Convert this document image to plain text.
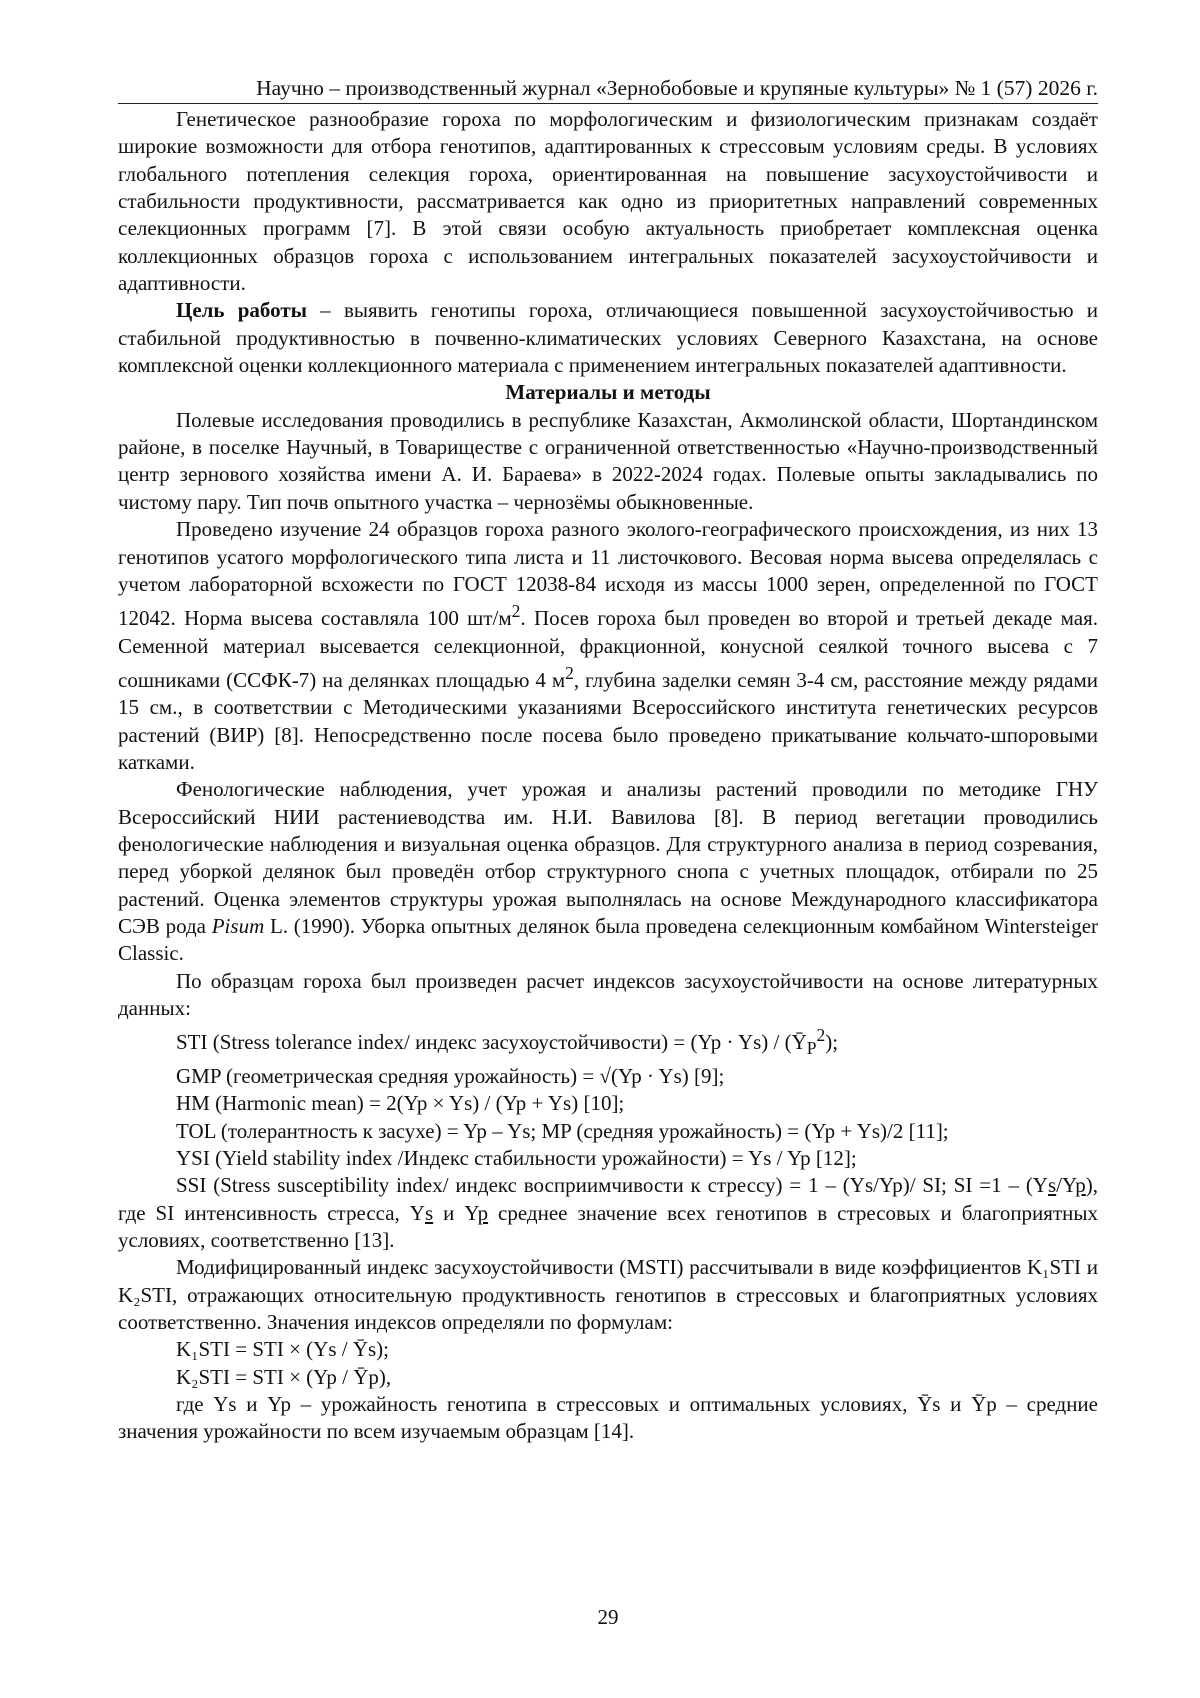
Научно – производственный журнал «Зернобобовые и крупяные культуры» № 1 (57) 2026 г.

Генетическое разнообразие гороха по морфологическим и физиологическим признакам создаёт широкие возможности для отбора генотипов, адаптированных к стрессовым условиям среды. В условиях глобального потепления селекция гороха, ориентированная на повышение засухоустойчивости и стабильности продуктивности, рассматривается как одно из приоритетных направлений современных селекционных программ [7]. В этой связи особую актуальность приобретает комплексная оценка коллекционных образцов гороха с использованием интегральных показателей засухоустойчивости и адаптивности.

Цель работы – выявить генотипы гороха, отличающиеся повышенной засухоустойчивостью и стабильной продуктивностью в почвенно-климатических условиях Северного Казахстана, на основе комплексной оценки коллекционного материала с применением интегральных показателей адаптивности.

Материалы и методы

Полевые исследования проводились в республике Казахстан, Акмолинской области, Шортандинском районе, в поселке Научный, в Товариществе с ограниченной ответственностью «Научно-производственный центр зернового хозяйства имени А. И. Бараева» в 2022-2024 годах. Полевые опыты закладывались по чистому пару. Тип почв опытного участка – чернозёмы обыкновенные.

Проведено изучение 24 образцов гороха разного эколого-географического происхождения, из них 13 генотипов усатого морфологического типа листа и 11 листочкового. Весовая норма высева определялась с учетом лабораторной всхожести по ГОСТ 12038-84 исходя из массы 1000 зерен, определенной по ГОСТ 12042. Норма высева составляла 100 $шт/м^2$. Посев гороха был проведен во второй и третьей декаде мая. Семенной материал высевается селекционной, фракционной, конусной сеялкой точного высева с 7 сошниками (ССФК-7) на делянках площадью 4 $м^2$, глубина заделки семян 3-4 см, расстояние между рядами 15 см., в соответствии с Методическими указаниями Всероссийского института генетических ресурсов растений (ВИР) [8]. Непосредственно после посева было проведено прикатывание кольчато-шпоровыми катками.

Фенологические наблюдения, учет урожая и анализы растений проводили по методике ГНУ Всероссийский НИИ растениеводства им. Н.И. Вавилова [8]. В период вегетации проводились фенологические наблюдения и визуальная оценка образцов. Для структурного анализа в период созревания, перед уборкой делянок был проведён отбор структурного снопа с учетных площадок, отбирали по 25 растений. Оценка элементов структуры урожая выполнялась на основе Международного классификатора СЭВ рода Pisum L. (1990). Уборка опытных делянок была проведена селекционным комбайном Wintersteiger Classic.

По образцам гороха был произведен расчет индексов засухоустойчивости на основе литературных данных:

STI (Stress tolerance index/ индекс засухоустойчивости) = $(Yp \cdot Ys) / (Ȳ_P^2)$;

GMP (геометрическая средняя урожайность) = √(Yp · Ys) [9];

HM (Harmonic mean) = 2(Yp × Ys) / (Yp + Ys) [10];

TOL (толерантность к засухе) = Yp – Ys; MP (средняя урожайность) = (Yp + Ys)/2 [11];

YSI (Yield stability index /Индекс стабильности урожайности) = Ys / Yp [12];

SSI (Stress susceptibility index/ индекс восприимчивости к стрессу) = 1 – (Ys/Yp)/ SI; SI =1 – (Ys/Yp), где SI интенсивность стресса, Ys и Yp среднее значение всех генотипов в стресовых и благоприятных условиях, соответственно [13].

Модифицированный индекс засухоустойчивости (MSTI) рассчитывали в виде коэффициентов K₁STI и K₂STI, отражающих относительную продуктивность генотипов в стрессовых и благоприятных условиях соответственно. Значения индексов определяли по формулам:

K₁STI = STI × (Ys / Ȳs);

K₂STI = STI × (Yp / Ȳp),

где Ys и Yp – урожайность генотипа в стрессовых и оптимальных условиях, Ȳs и Ȳp – средние значения урожайности по всем изучаемым образцам [14].

29
